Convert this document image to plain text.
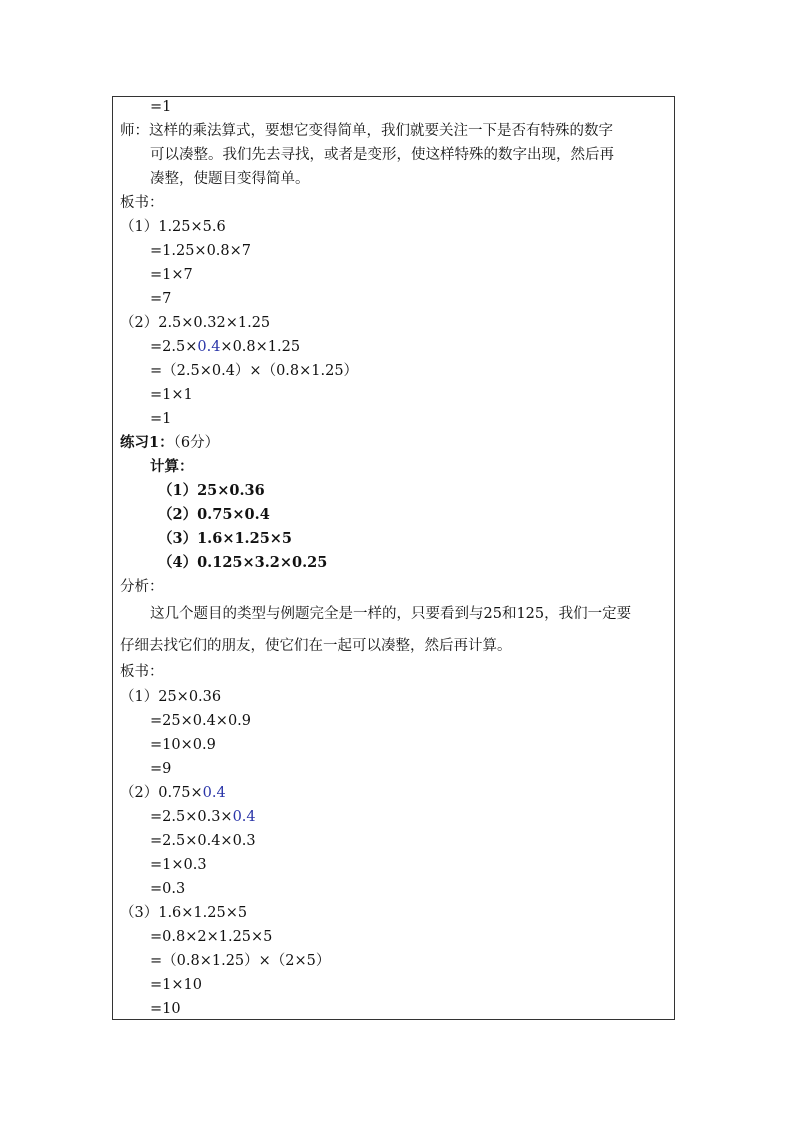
=1
师：这样的乘法算式，要想它变得简单，我们就要关注一下是否有特殊的数字
可以凑整。我们先去寻找，或者是变形，使这样特殊的数字出现，然后再
凑整，使题目变得简单。
板书：
（1）1.25×5.6
=1.25×0.8×7
=1×7
=7
（2）2.5×0.32×1.25
=2.5×0.4×0.8×1.25
=（2.5×0.4）×（0.8×1.25）
=1×1
=1
练习1：（6分）
计算：
（1）25×0.36
（2）0.75×0.4
（3）1.6×1.25×5
（4）0.125×3.2×0.25
分析：
这几个题目的类型与例题完全是一样的，只要看到与25和125，我们一定要
仔细去找它们的朋友，使它们在一起可以凑整，然后再计算。
板书：
（1）25×0.36
=25×0.4×0.9
=10×0.9
=9
（2）0.75×0.4
=2.5×0.3×0.4
=2.5×0.4×0.3
=1×0.3
=0.3
（3）1.6×1.25×5
=0.8×2×1.25×5
=（0.8×1.25）×（2×5）
=1×10
=10
